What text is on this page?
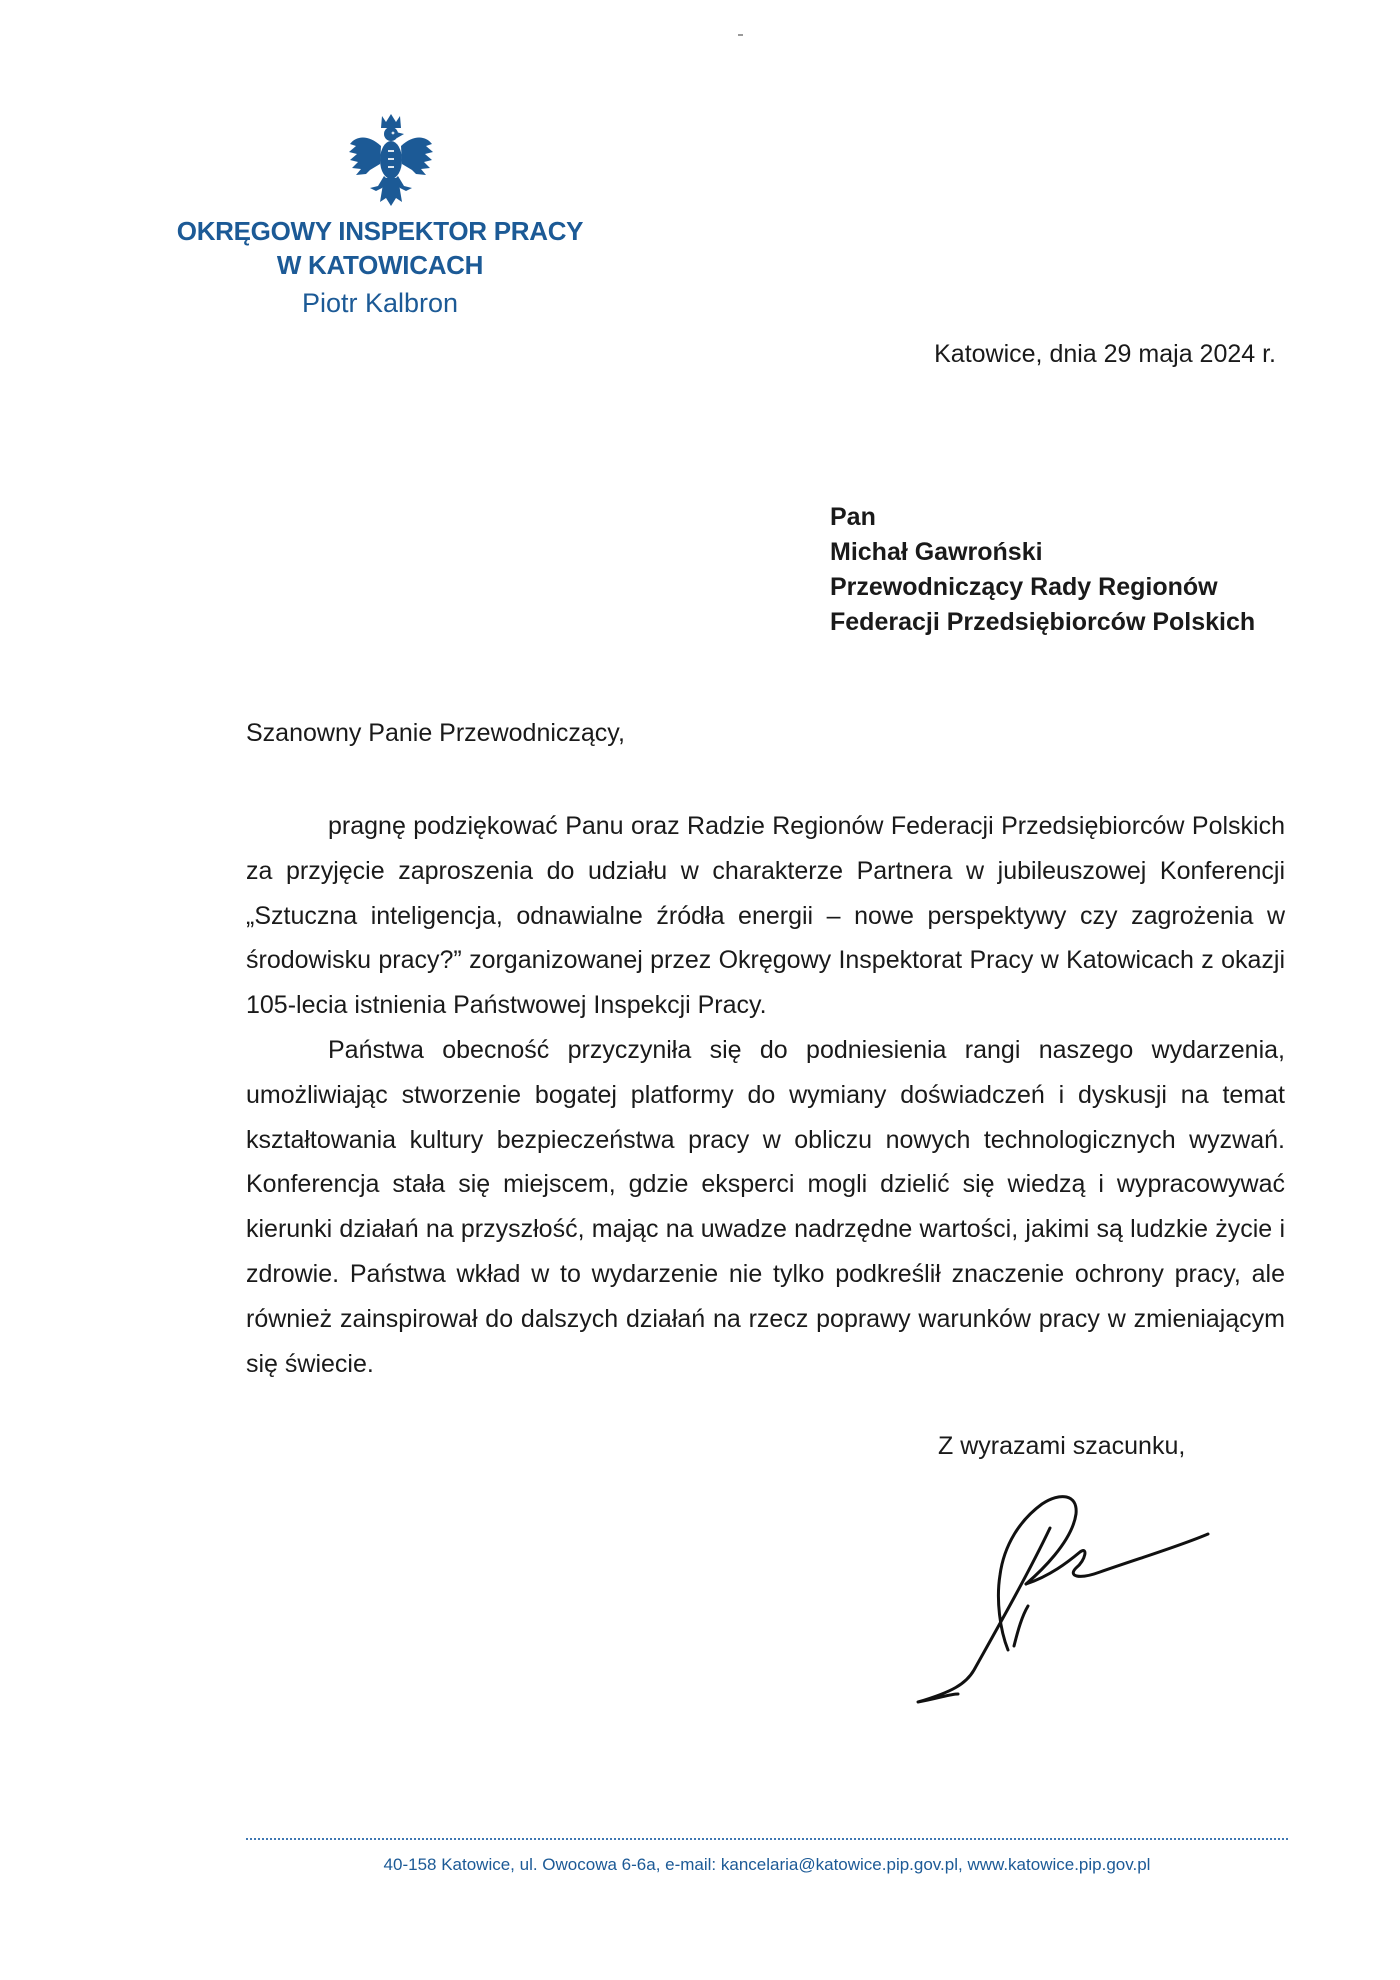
OKRĘGOWY INSPEKTOR PRACY
W KATOWICACH
Piotr Kalbron
Katowice, dnia 29 maja 2024 r.
Pan
Michał Gawroński
Przewodniczący Rady Regionów
Federacji Przedsiębiorców Polskich
Szanowny Panie Przewodniczący,

pragnę podziękować Panu oraz Radzie Regionów Federacji Przedsiębiorców Polskich za przyjęcie zaproszenia do udziału w charakterze Partnera w jubileuszowej Konferencji „Sztuczna inteligencja, odnawialne źródła energii – nowe perspektywy czy zagrożenia w środowisku pracy?” zorganizowanej przez Okręgowy Inspektorat Pracy w Katowicach z okazji 105-lecia istnienia Państwowej Inspekcji Pracy.

Państwa obecność przyczyniła się do podniesienia rangi naszego wydarzenia, umożliwiając stworzenie bogatej platformy do wymiany doświadczeń i dyskusji na temat kształtowania kultury bezpieczeństwa pracy w obliczu nowych technologicznych wyzwań. Konferencja stała się miejscem, gdzie eksperci mogli dzielić się wiedzą i wypracowywać kierunki działań na przyszłość, mając na uwadze nadrzędne wartości, jakimi są ludzkie życie i zdrowie. Państwa wkład w to wydarzenie nie tylko podkreślił znaczenie ochrony pracy, ale również zainspirował do dalszych działań na rzecz poprawy warunków pracy w zmieniającym się świecie.

Z wyrazami szacunku,
40-158 Katowice, ul. Owocowa 6-6a, e-mail: kancelaria@katowice.pip.gov.pl, www.katowice.pip.gov.pl
